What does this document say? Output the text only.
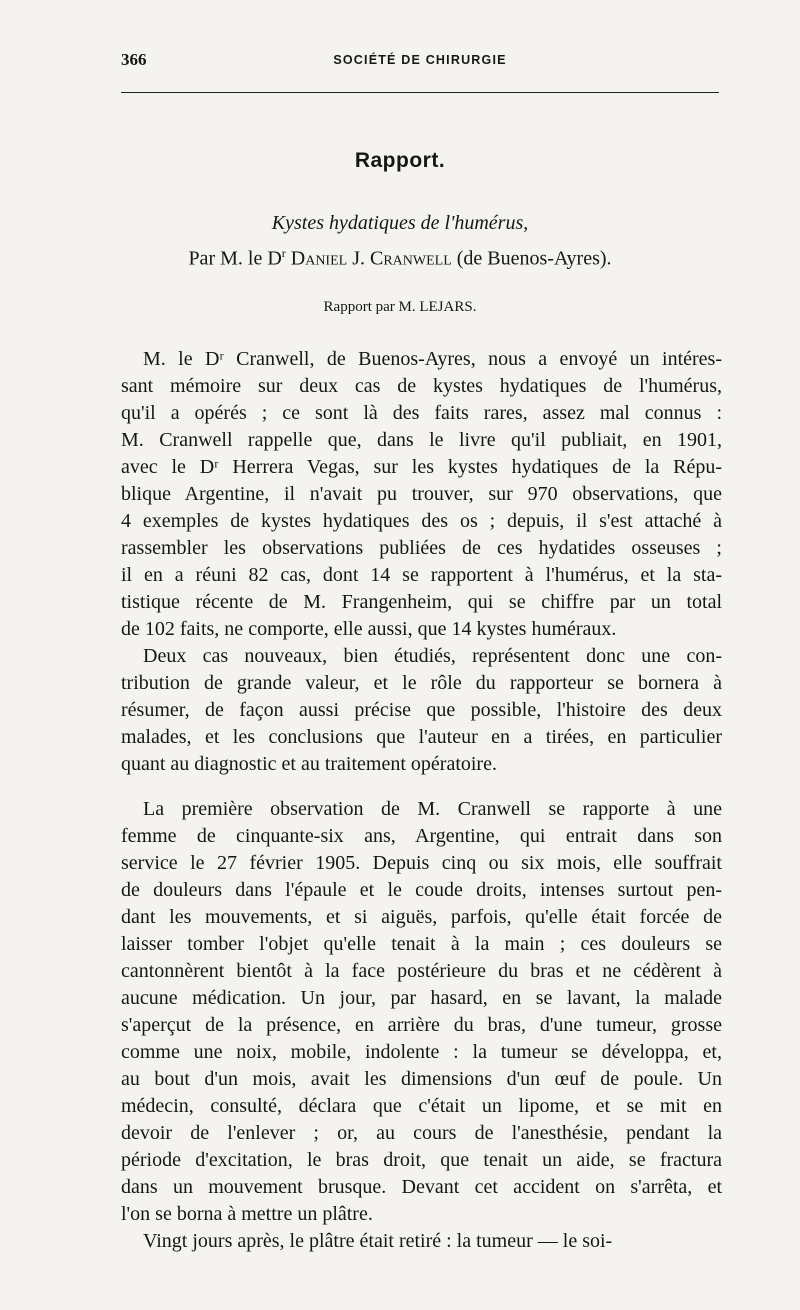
366	SOCIÉTÉ DE CHIRURGIE
Rapport.
Kystes hydatiques de l'humérus,
Par M. le $D^r$ Daniel J. Cranwell (de Buenos-Ayres).
Rapport par M. LEJARS.
M. le Dʳ Cranwell, de Buenos-Ayres, nous a envoyé un intéres-
sant mémoire sur deux cas de kystes hydatiques de l'humérus,
qu'il a opérés ; ce sont là des faits rares, assez mal connus :
M. Cranwell rappelle que, dans le livre qu'il publiait, en 1901,
avec le Dʳ Herrera Vegas, sur les kystes hydatiques de la Répu-
blique Argentine, il n'avait pu trouver, sur 970 observations, que
4 exemples de kystes hydatiques des os ; depuis, il s'est attaché à
rassembler les observations publiées de ces hydatides osseuses ;
il en a réuni 82 cas, dont 14 se rapportent à l'humérus, et la sta-
tistique récente de M. Frangenheim, qui se chiffre par un total
de 102 faits, ne comporte, elle aussi, que 14 kystes huméraux.
Deux cas nouveaux, bien étudiés, représentent donc une con-
tribution de grande valeur, et le rôle du rapporteur se bornera à
résumer, de façon aussi précise que possible, l'histoire des deux
malades, et les conclusions que l'auteur en a tirées, en particulier
quant au diagnostic et au traitement opératoire.
La première observation de M. Cranwell se rapporte à une
femme de cinquante-six ans, Argentine, qui entrait dans son
service le 27 février 1905. Depuis cinq ou six mois, elle souffrait
de douleurs dans l'épaule et le coude droits, intenses surtout pen-
dant les mouvements, et si aiguës, parfois, qu'elle était forcée de
laisser tomber l'objet qu'elle tenait à la main ; ces douleurs se
cantonnèrent bientôt à la face postérieure du bras et ne cédèrent à
aucune médication. Un jour, par hasard, en se lavant, la malade
s'aperçut de la présence, en arrière du bras, d'une tumeur, grosse
comme une noix, mobile, indolente : la tumeur se développa, et,
au bout d'un mois, avait les dimensions d'un œuf de poule. Un
médecin, consulté, déclara que c'était un lipome, et se mit en
devoir de l'enlever ; or, au cours de l'anesthésie, pendant la
période d'excitation, le bras droit, que tenait un aide, se fractura
dans un mouvement brusque. Devant cet accident on s'arrêta, et
l'on se borna à mettre un plâtre.
Vingt jours après, le plâtre était retiré : la tumeur — le soi-
